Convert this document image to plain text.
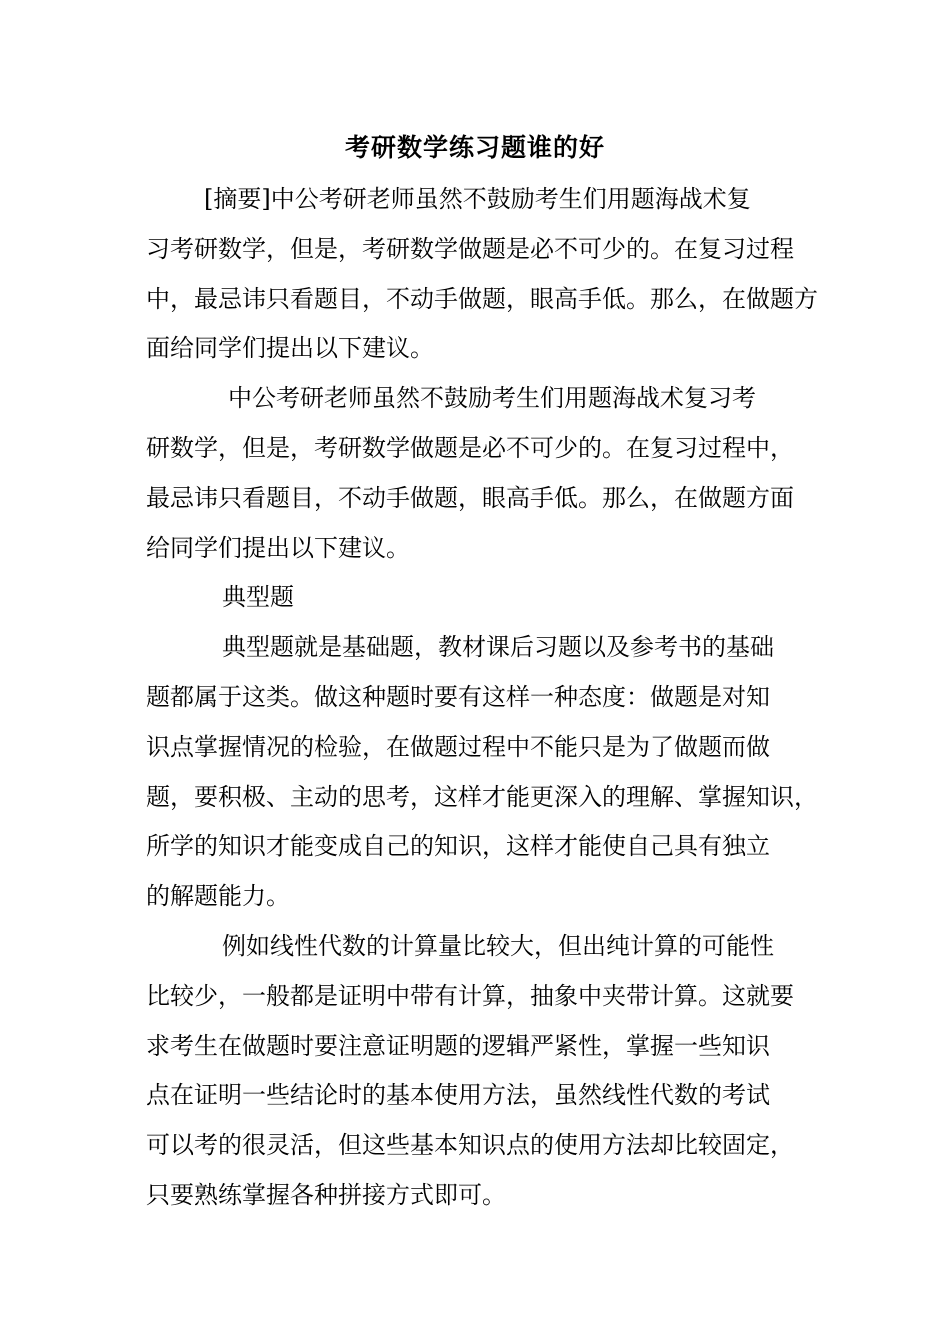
考研数学练习题谁的好
[摘要]中公考研老师虽然不鼓励考生们用题海战术复
习考研数学，但是，考研数学做题是必不可少的。在复习过程
中，最忌讳只看题目，不动手做题，眼高手低。那么，在做题方
面给同学们提出以下建议。
中公考研老师虽然不鼓励考生们用题海战术复习考
研数学，但是，考研数学做题是必不可少的。在复习过程中，
最忌讳只看题目，不动手做题，眼高手低。那么，在做题方面
给同学们提出以下建议。
典型题
典型题就是基础题，教材课后习题以及参考书的基础
题都属于这类。做这种题时要有这样一种态度：做题是对知
识点掌握情况的检验，在做题过程中不能只是为了做题而做
题，要积极、主动的思考，这样才能更深入的理解、掌握知识，
所学的知识才能变成自己的知识，这样才能使自己具有独立
的解题能力。
例如线性代数的计算量比较大，但出纯计算的可能性
比较少，一般都是证明中带有计算，抽象中夹带计算。这就要
求考生在做题时要注意证明题的逻辑严紧性，掌握一些知识
点在证明一些结论时的基本使用方法，虽然线性代数的考试
可以考的很灵活，但这些基本知识点的使用方法却比较固定，
只要熟练掌握各种拼接方式即可。
